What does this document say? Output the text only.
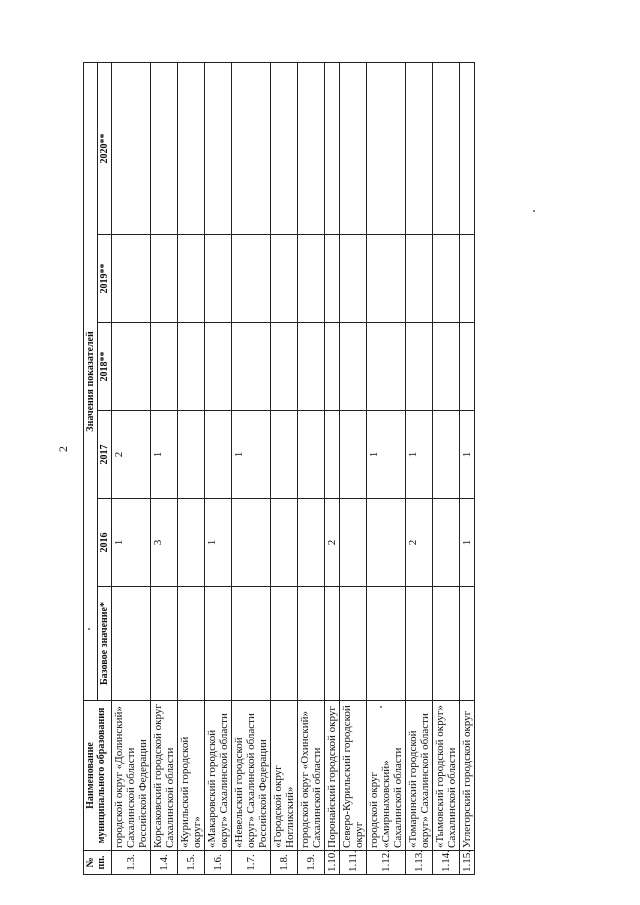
2
№ пп.	Наименование муниципального образования	Значения показателей					
		Базовое значение*	2016	2017	2018**	2019**	2020**
1.3.	городской округ «Долинский» Сахалинской области Российской Федерации		1	2			
1.4.	Корсаковский городской округ Сахалинской области		3	1			
1.5.	«Курильский городской округ»						
1.6.	«Макаровский городской округ» Сахалинской области		1				
1.7.	«Невельский городской округ» Сахалинской области Российской Федерации			1			
1.8.	«Городской округ Ногликский»						
1.9.	городской округ «Охинский» Сахалинской области						
1.10.	Поронайский городской округ		2				
1.11.	Северо-Курильский городской округ						
1.12.	городской округ «Смирныховский» Сахалинской области			1			
1.13.	«Томаринский городской округ» Сахалинской области		2	1			
1.14.	«Тымовский городской округ» Сахалинской области						
1.15.	Углегорский городской округ		1	1			
